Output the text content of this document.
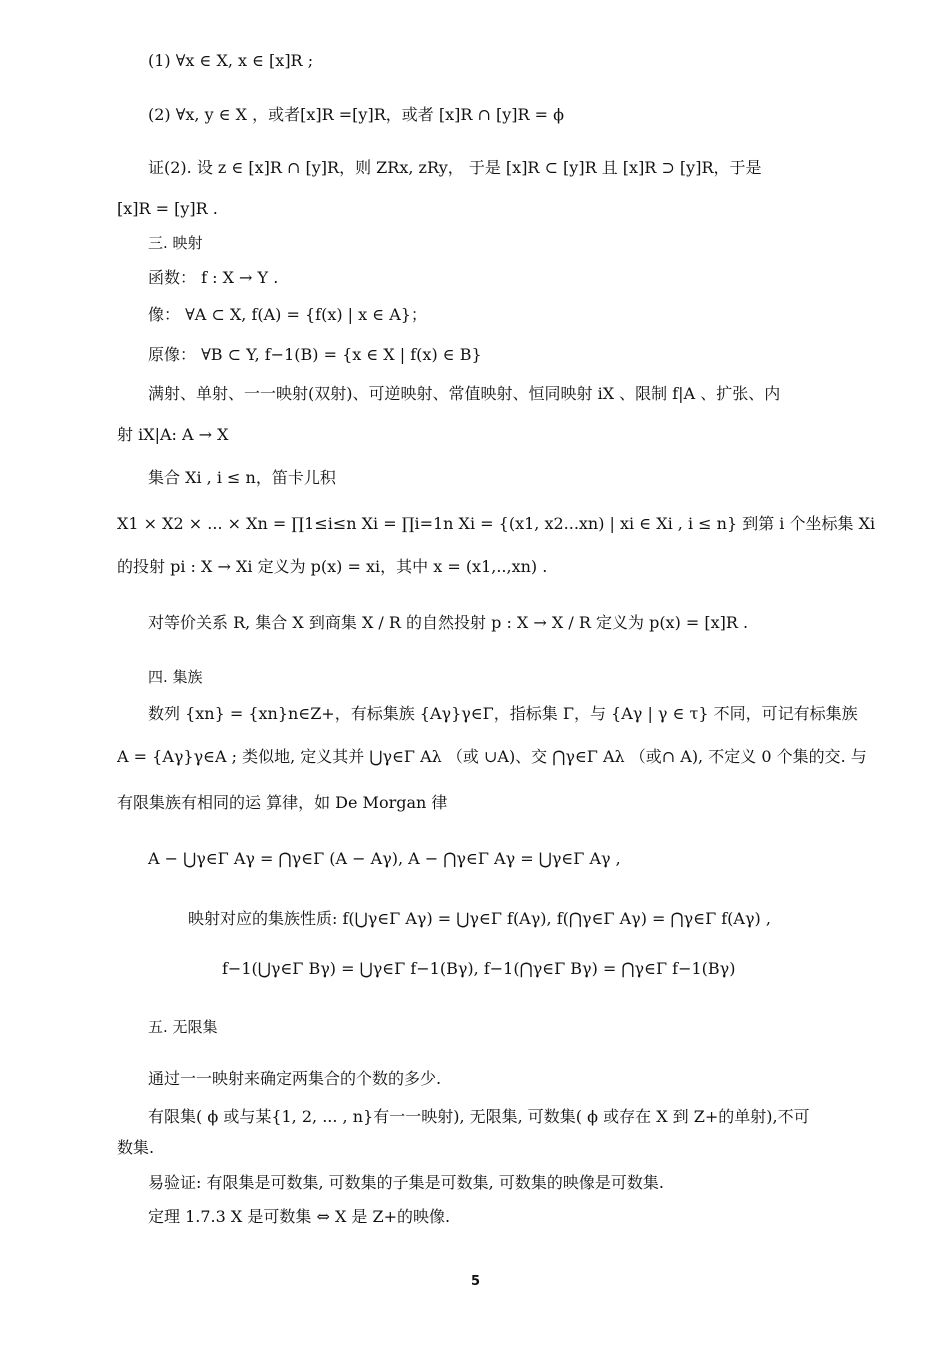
(1) ∀x ∈ X, x ∈ [x]R ;
(2) ∀x, y ∈ X ，或者[x]R =[y]R，或者 [x]R ∩ [y]R = ϕ
证(2). 设 z ∈ [x]R ∩ [y]R，则 ZRx, zRy， 于是 [x]R ⊂ [y]R 且 [x]R ⊃ [y]R，于是
[x]R = [y]R .
三. 映射
函数： f : X → Y .
像： ∀A ⊂ X, f(A) = {f(x) | x ∈ A}；
原像： ∀B ⊂ Y, f−1(B) = {x ∈ X | f(x) ∈ B}
满射、单射、一一映射(双射)、可逆映射、常值映射、恒同映射 iX 、限制 f|A 、扩张、内
射 iX|A: A → X
集合 Xi , i ≤ n，笛卡儿积
X1 × X2 × ... × Xn = ∏1≤i≤n Xi = ∏i=1n Xi = {(x1, x2...xn) | xi ∈ Xi , i ≤ n} 到第 i 个坐标集 Xi
的投射 pi : X → Xi 定义为 p(x) = xi，其中 x = (x1,..,xn) .
对等价关系 R, 集合 X 到商集 X / R 的自然投射 p : X → X / R 定义为 p(x) = [x]R .
四. 集族
数列 {xn} = {xn}n∈Z+，有标集族 {Aγ}γ∈Γ，指标集 Γ，与 {Aγ | γ ∈ τ} 不同，可记有标集族
A = {Aγ}γ∈A ; 类似地, 定义其并 ⋃γ∈Γ Aλ （或 ∪A)、交 ⋂γ∈Γ Aλ （或∩ A), 不定义 0 个集的交. 与
有限集族有相同的运 算律，如 De Morgan 律
A − ⋃γ∈Γ Aγ = ⋂γ∈Γ (A − Aγ), A − ⋂γ∈Γ Aγ = ⋃γ∈Γ Aγ ,
映射对应的集族性质: f(⋃γ∈Γ Aγ) = ⋃γ∈Γ f(Aγ), f(⋂γ∈Γ Aγ) = ⋂γ∈Γ f(Aγ) ,
f−1(⋃γ∈Γ Bγ) = ⋃γ∈Γ f−1(Bγ), f−1(⋂γ∈Γ Bγ) = ⋂γ∈Γ f−1(Bγ)
五. 无限集
通过一一映射来确定两集合的个数的多少.
有限集( ϕ 或与某{1, 2, ... , n}有一一映射), 无限集, 可数集( ϕ 或存在 X 到 Z+的单射),不可
数集.
易验证: 有限集是可数集, 可数集的子集是可数集, 可数集的映像是可数集.
定理 1.7.3 X 是可数集 ⇔ X 是 Z+的映像.
5
